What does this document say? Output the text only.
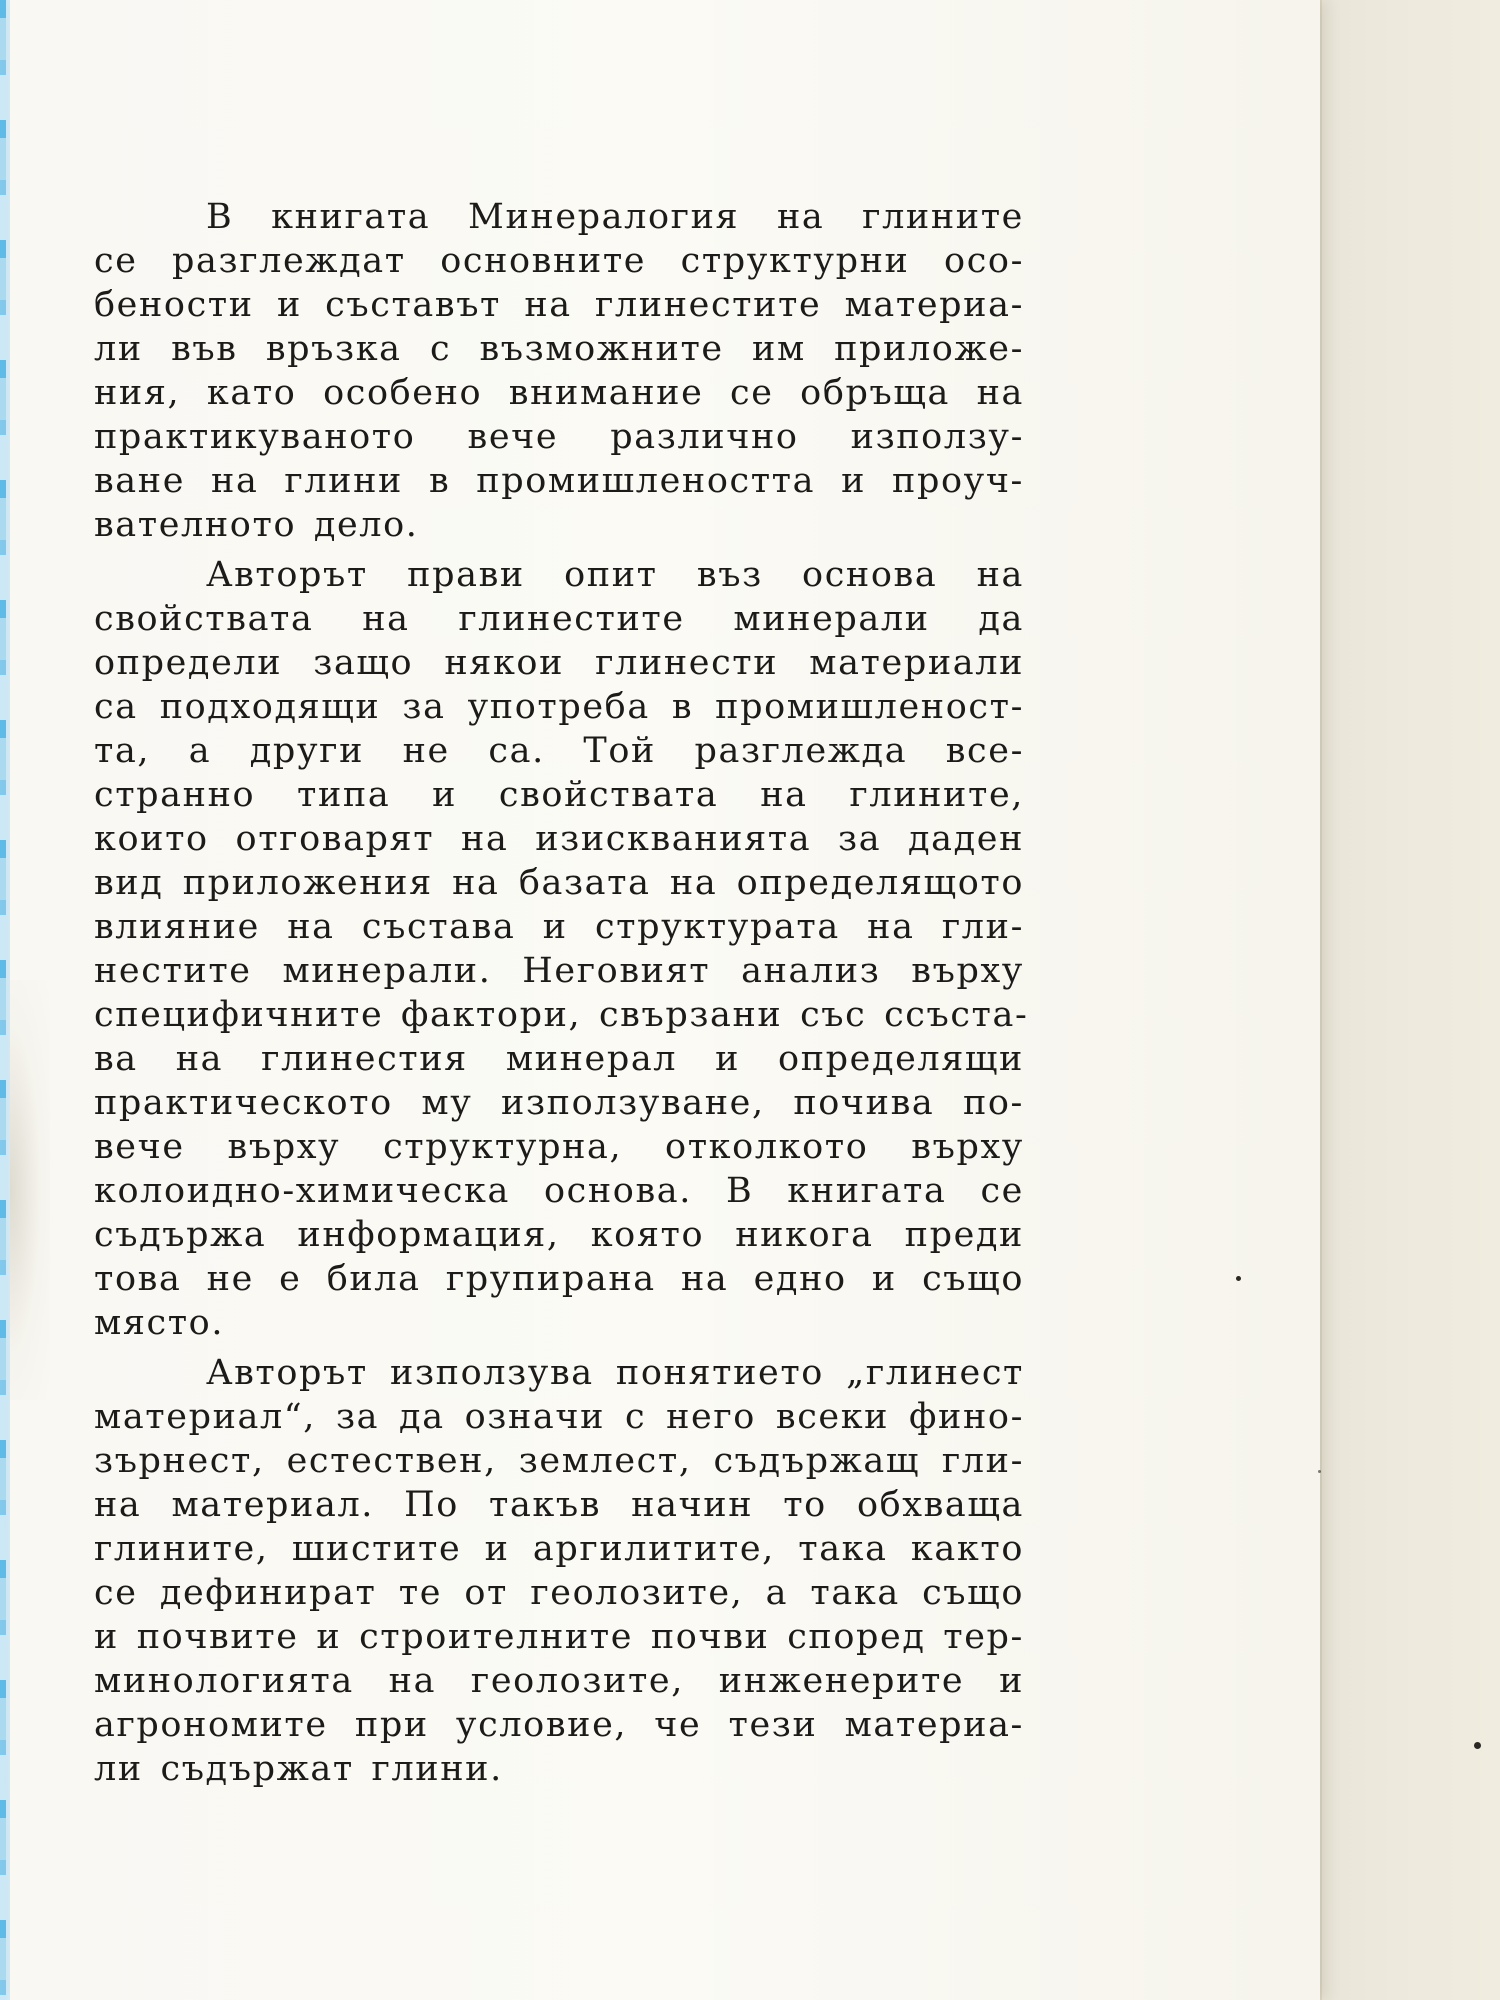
В книгата Минералогия на глините
се разглеждат основните структурни осо-
бености и съставът на глинестите материа-
ли във връзка с възможните им приложе-
ния, като особено внимание се обръща на
практикуваното вече различно използу-
ване на глини в промишлеността и проуч-
вателното дело.
Авторът прави опит въз основа на
свойствата на глинестите минерали да
определи защо някои глинести материали
са подходящи за употреба в промишленост-
та, а други не са. Той разглежда все-
странно типа и свойствата на глините,
които отговарят на изискванията за даден
вид приложения на базата на определящото
влияние на състава и структурата на гли-
нестите минерали. Неговият анализ върху
специфичните фактори, свързани със ссъста-
ва на глинестия минерал и определящи
практическото му използуване, почива по-
вече върху структурна, отколкото върху
колоидно-химическа основа. В книгата се
съдържа информация, която никога преди
това не е била групирана на едно и също
място.
Авторът използува понятието „глинест
материал“, за да означи с него всеки фино-
зърнест, естествен, землест, съдържащ гли-
на материал. По такъв начин то обхваща
глините, шистите и аргилитите, така както
се дефинират те от геолозите, а така също
и почвите и строителните почви според тер-
минологията на геолозите, инженерите и
агрономите при условие, че тези материа-
ли съдържат глини.
